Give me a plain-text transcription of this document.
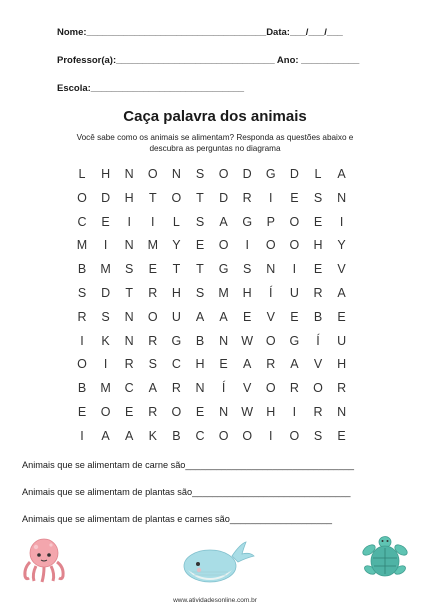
Nome:__________________________________Data:___/___/___
Professor(a):______________________________ Ano: ___________
Escola:_____________________________
Caça palavra dos animais
Você sabe como os animais se alimentam? Responda as questões abaixo e descubra as perguntas no diagrama
L	H	N	O	N	S	O	D	G	D	L	A
O	D	H	T	O	T	D	R	I	E	S	N
C	E	I	I	L	S	A	G	P	O	E	I
M	I	N	M	Y	E	O	I	O	O	H	Y
B	M	S	E	T	T	G	S	N	I	E	V
S	D	T	R	H	S	M	H	Í	U	R	A
R	S	N	O	U	A	A	E	V	E	B	E
I	K	N	R	G	B	N	W	O	G	Í	U
O	I	R	S	C	H	E	A	R	A	V	H
B	M	C	A	R	N	Í	V	O	R	O	R
E	O	E	R	O	E	N	W	H	I	R	N
I	A	A	K	B	C	O	O	I	O	S	E
Animais que se alimentam de carne são_________________________________
Animais que se alimentam de plantas são_______________________________
Animais que se alimentam de plantas e carnes são____________________
www.atividadesonline.com.br
